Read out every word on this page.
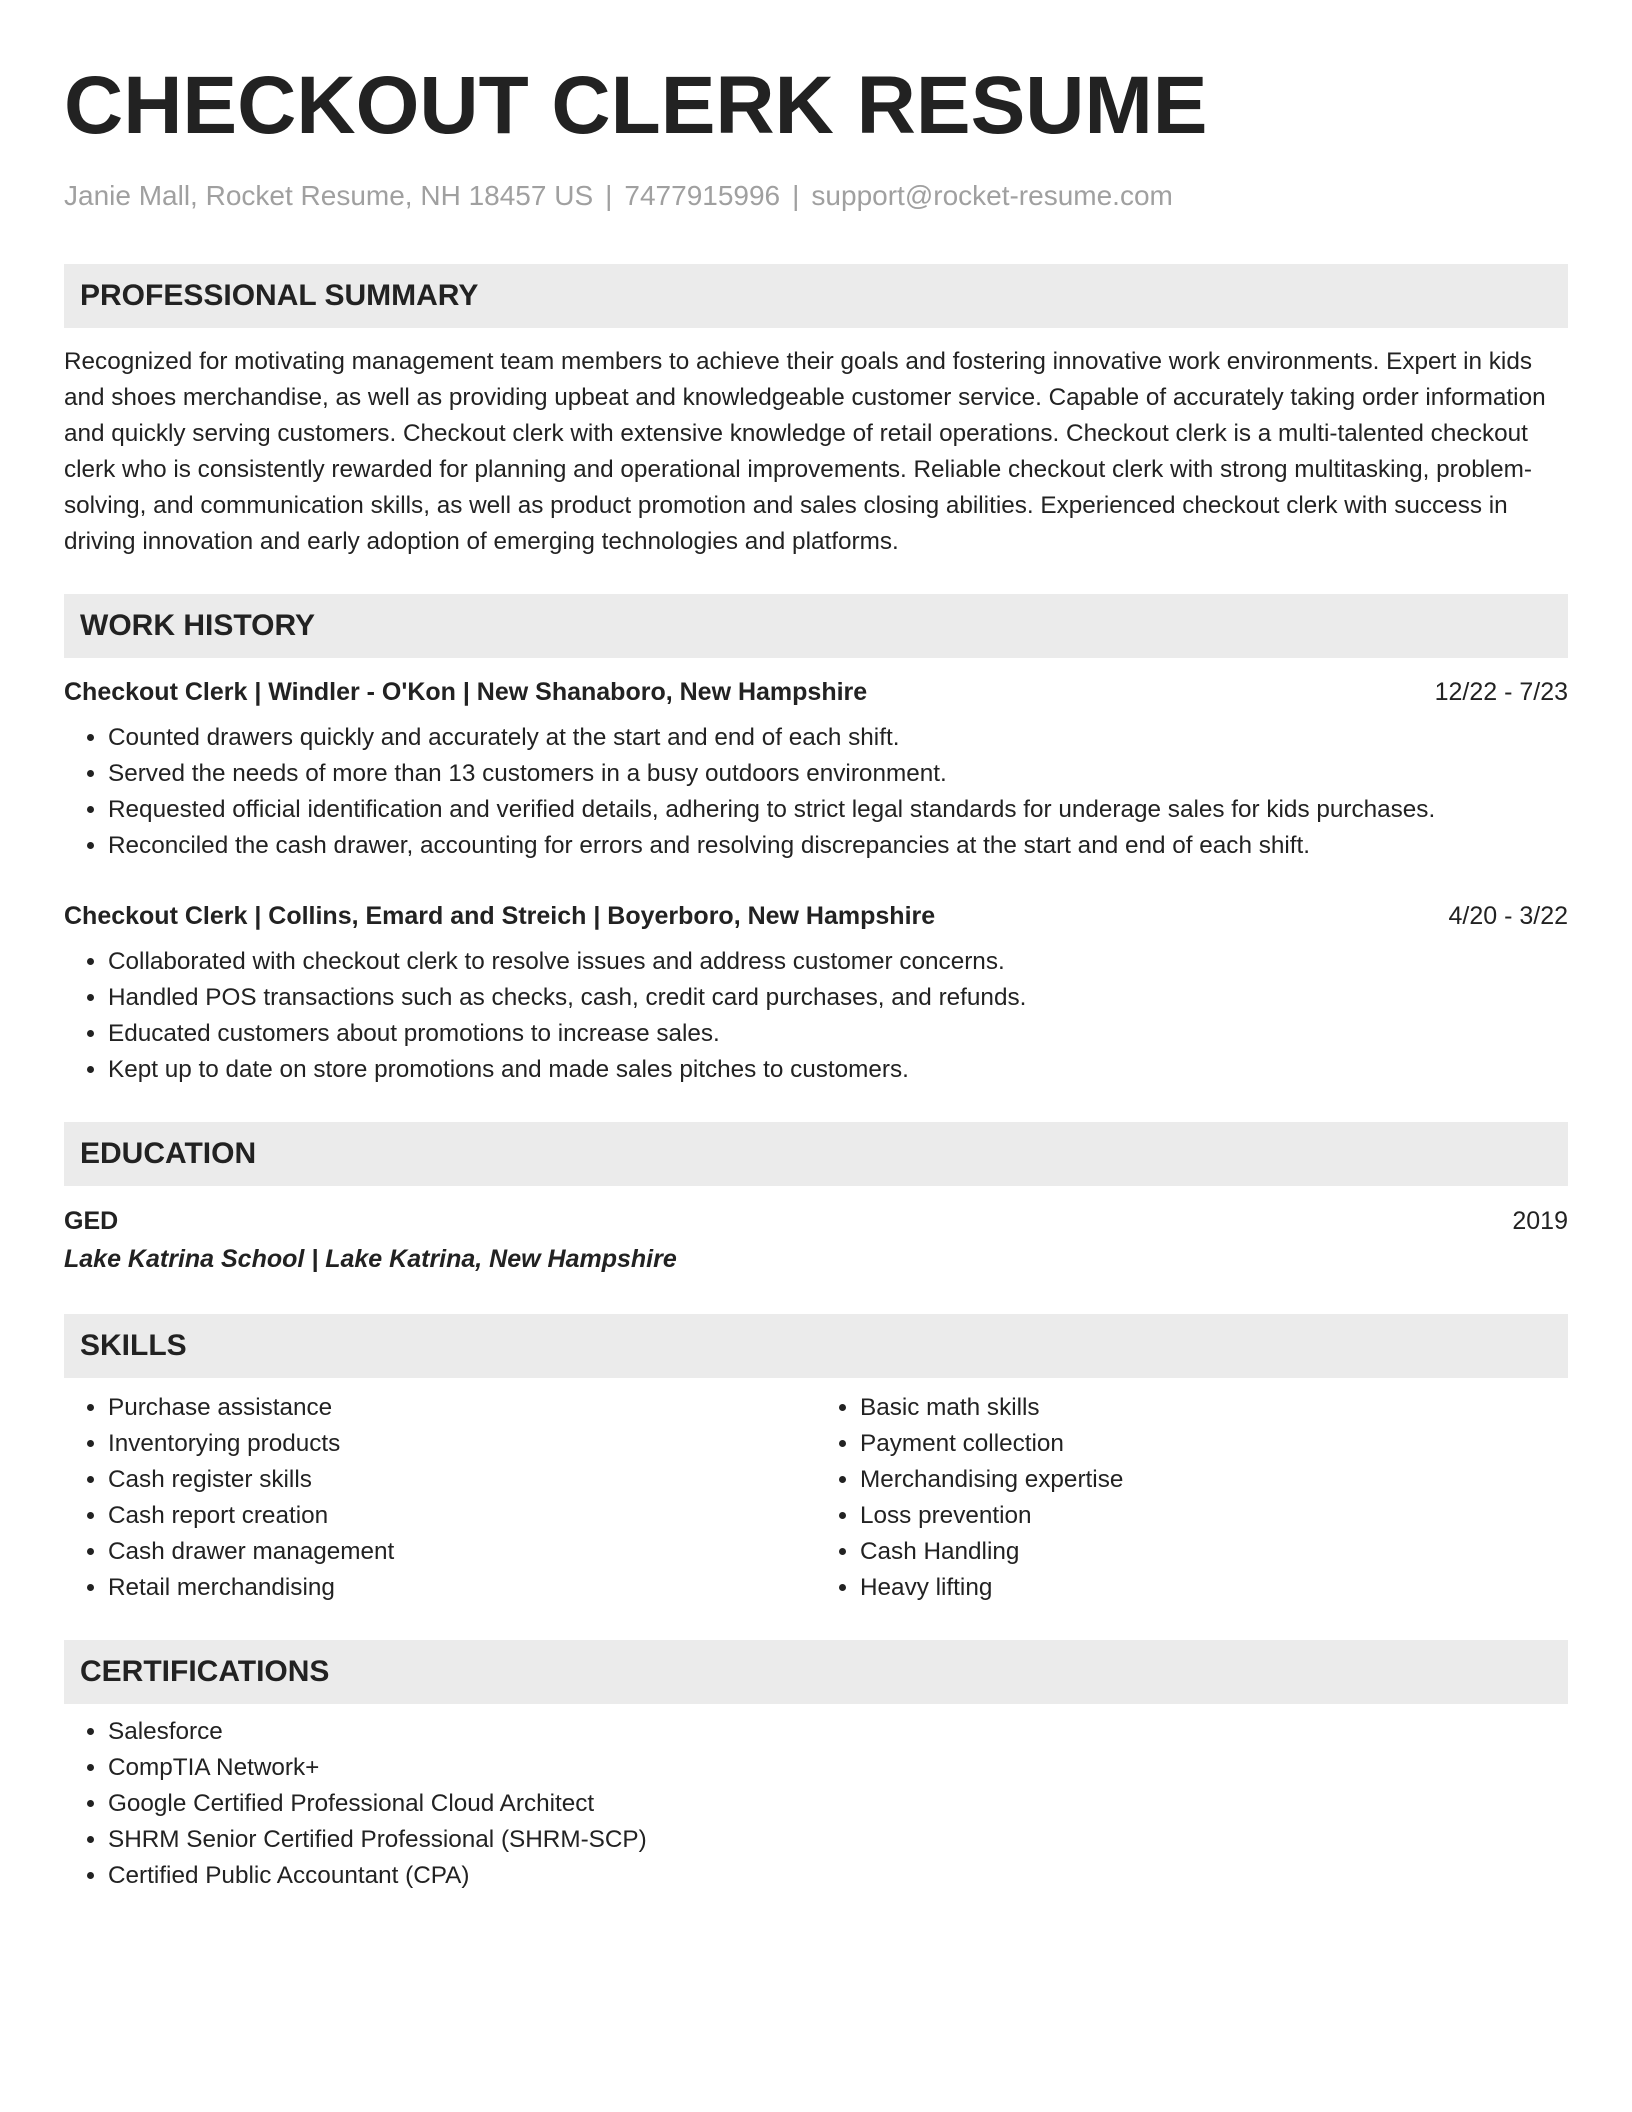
CHECKOUT CLERK RESUME
Janie Mall, Rocket Resume, NH 18457 US | 7477915996 | support@rocket-resume.com
PROFESSIONAL SUMMARY
Recognized for motivating management team members to achieve their goals and fostering innovative work environments. Expert in kids and shoes merchandise, as well as providing upbeat and knowledgeable customer service. Capable of accurately taking order information and quickly serving customers. Checkout clerk with extensive knowledge of retail operations. Checkout clerk is a multi-talented checkout clerk who is consistently rewarded for planning and operational improvements. Reliable checkout clerk with strong multitasking, problem-solving, and communication skills, as well as product promotion and sales closing abilities. Experienced checkout clerk with success in driving innovation and early adoption of emerging technologies and platforms.
WORK HISTORY
Checkout Clerk | Windler - O'Kon | New Shanaboro, New Hampshire	12/22 - 7/23
• Counted drawers quickly and accurately at the start and end of each shift.
• Served the needs of more than 13 customers in a busy outdoors environment.
• Requested official identification and verified details, adhering to strict legal standards for underage sales for kids purchases.
• Reconciled the cash drawer, accounting for errors and resolving discrepancies at the start and end of each shift.
Checkout Clerk | Collins, Emard and Streich | Boyerboro, New Hampshire	4/20 - 3/22
• Collaborated with checkout clerk to resolve issues and address customer concerns.
• Handled POS transactions such as checks, cash, credit card purchases, and refunds.
• Educated customers about promotions to increase sales.
• Kept up to date on store promotions and made sales pitches to customers.
EDUCATION
GED	2019
Lake Katrina School | Lake Katrina, New Hampshire
SKILLS
• Purchase assistance
• Inventorying products
• Cash register skills
• Cash report creation
• Cash drawer management
• Retail merchandising
• Basic math skills
• Payment collection
• Merchandising expertise
• Loss prevention
• Cash Handling
• Heavy lifting
CERTIFICATIONS
• Salesforce
• CompTIA Network+
• Google Certified Professional Cloud Architect
• SHRM Senior Certified Professional (SHRM-SCP)
• Certified Public Accountant (CPA)
